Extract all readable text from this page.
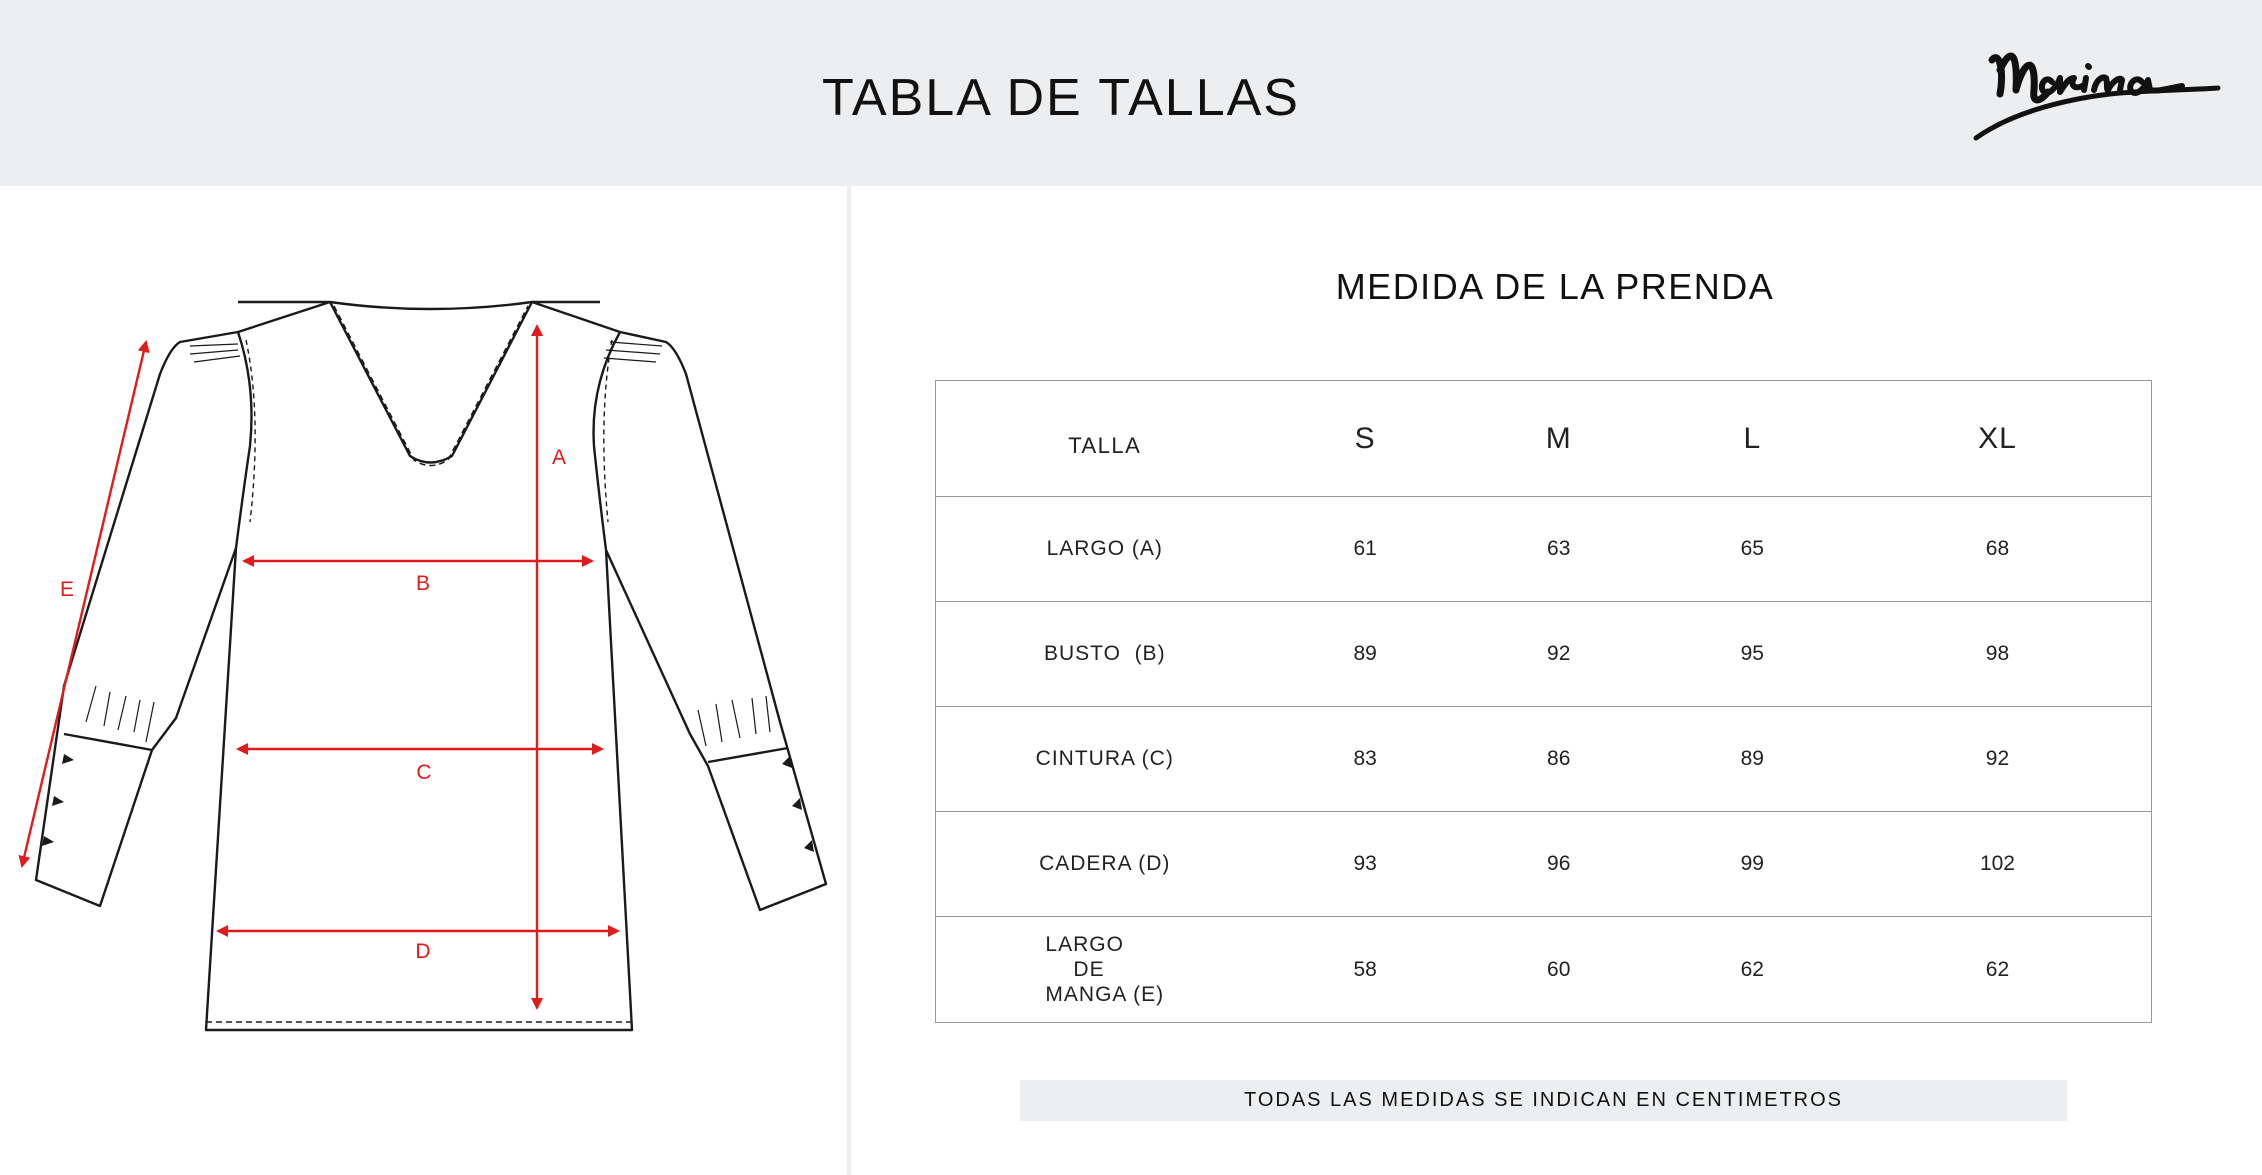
TABLA DE TALLAS
A
B
C
D
E
MEDIDA DE LA PRENDA
TALLA	S	M	L	XL
LARGO (A)	61	63	65	68
BUSTO  (B)	89	92	95	98
CINTURA (C)	83	86	89	92
CADERA (D)	93	96	99	102

LARGO
DE
MANGA (E)	58	60	62	62
TODAS LAS MEDIDAS SE INDICAN EN CENTIMETROS
